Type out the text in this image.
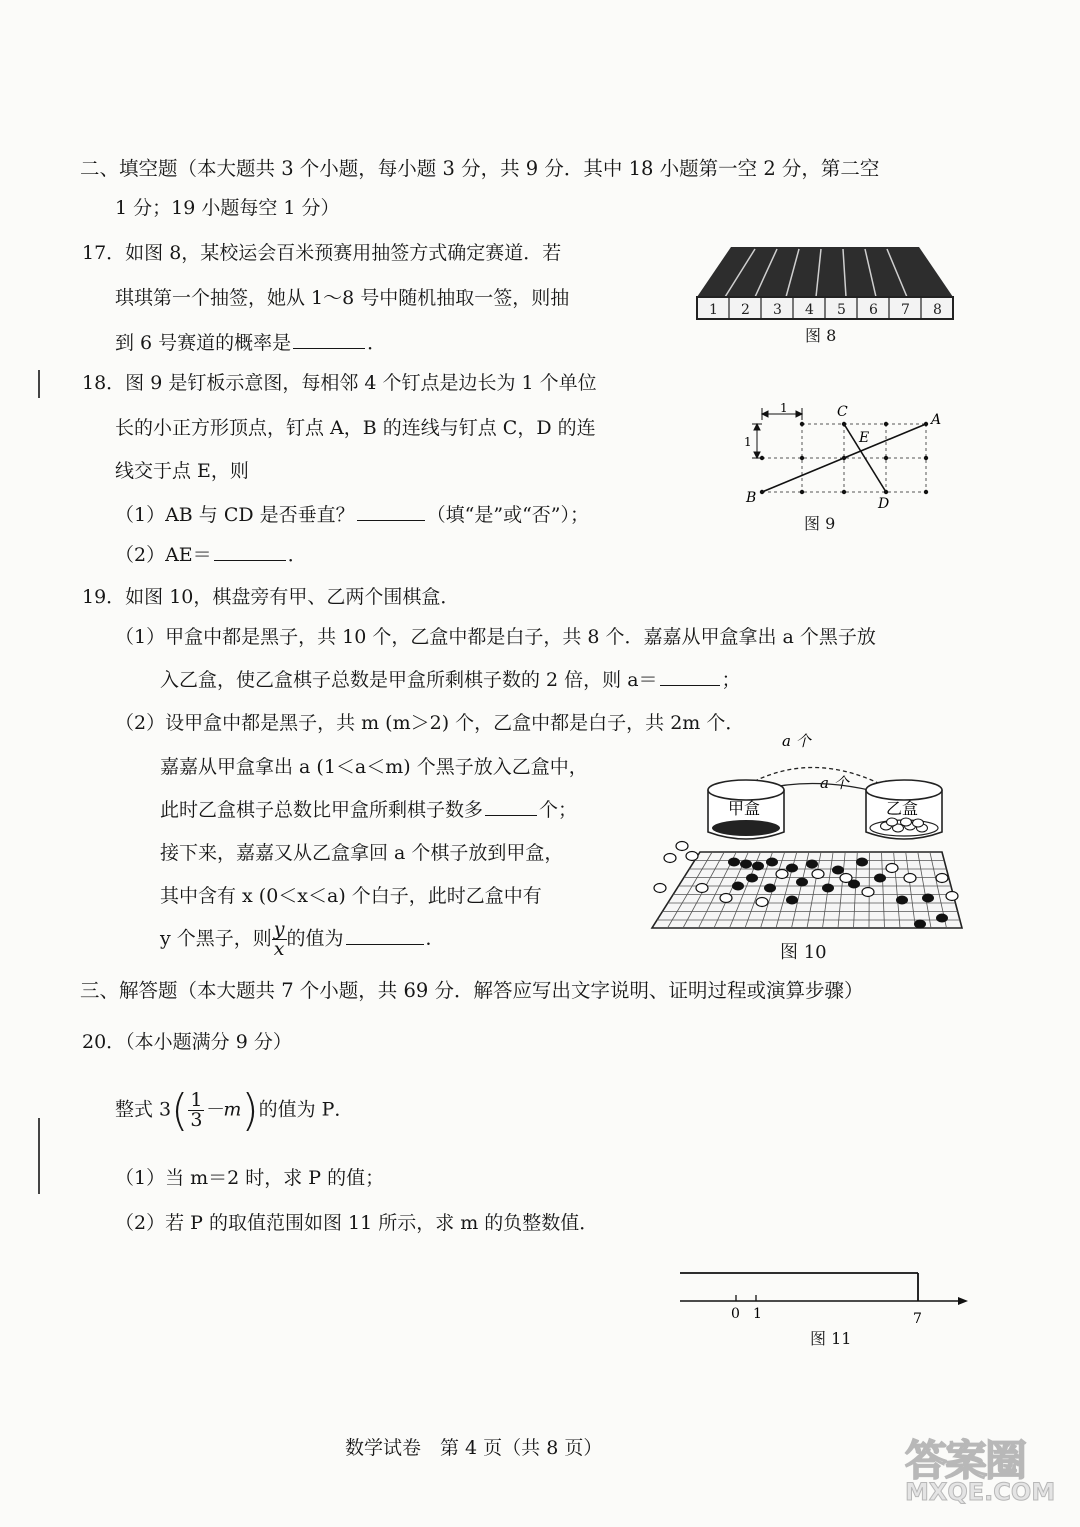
二、填空题（本大题共 3 个小题，每小题 3 分，共 9 分．其中 18 小题第一空 2 分，第二空
1 分；19 小题每空 1 分）
17．如图 8，某校运会百米预赛用抽签方式确定赛道．若
琪琪第一个抽签，她从 1～8 号中随机抽取一签，则抽
到 6 号赛道的概率是	．
1 2 3 4 5 6 7 8
图 8
18．图 9 是钉板示意图，每相邻 4 个钉点是边长为 1 个单位
长的小正方形顶点，钉点 A，B 的连线与钉点 C，D 的连
线交于点 E，则
（1）AB 与 CD 是否垂直？	（填“是”或“否”）；
（2）AE＝	．
1
1
A
B
C
D
E
图 9
19．如图 10，棋盘旁有甲、乙两个围棋盒．
（1）甲盒中都是黑子，共 10 个，乙盒中都是白子，共 8 个．嘉嘉从甲盒拿出 a 个黑子放
入乙盒，使乙盒棋子总数是甲盒所剩棋子数的 2 倍，则 a＝	；
（2）设甲盒中都是黑子，共 m (m＞2) 个，乙盒中都是白子，共 2m 个．
嘉嘉从甲盒拿出 a (1＜a＜m) 个黑子放入乙盒中，
此时乙盒棋子总数比甲盒所剩棋子数多	个；
接下来，嘉嘉又从乙盒拿回 a 个棋子放到甲盒，
其中含有 x (0＜x＜a) 个白子，此时乙盒中有
y 个黑子，则 $\frac{y}{x}$ 的值为	．
a 个
a 个
甲盒	乙盒
图 10
三、解答题（本大题共 7 个小题，共 69 分．解答应写出文字说明、证明过程或演算步骤）
20．（本小题满分 9 分）
整式 $3( \frac{1}{3} -m)$的值为 P．
（1）当 m＝2 时，求 P 的值；
（2）若 P 的取值范围如图 11 所示，求 m 的负整数值．
0 1	7
图 11
数学试卷　第 4 页（共 8 页）	答案圈
MXQE.COM
